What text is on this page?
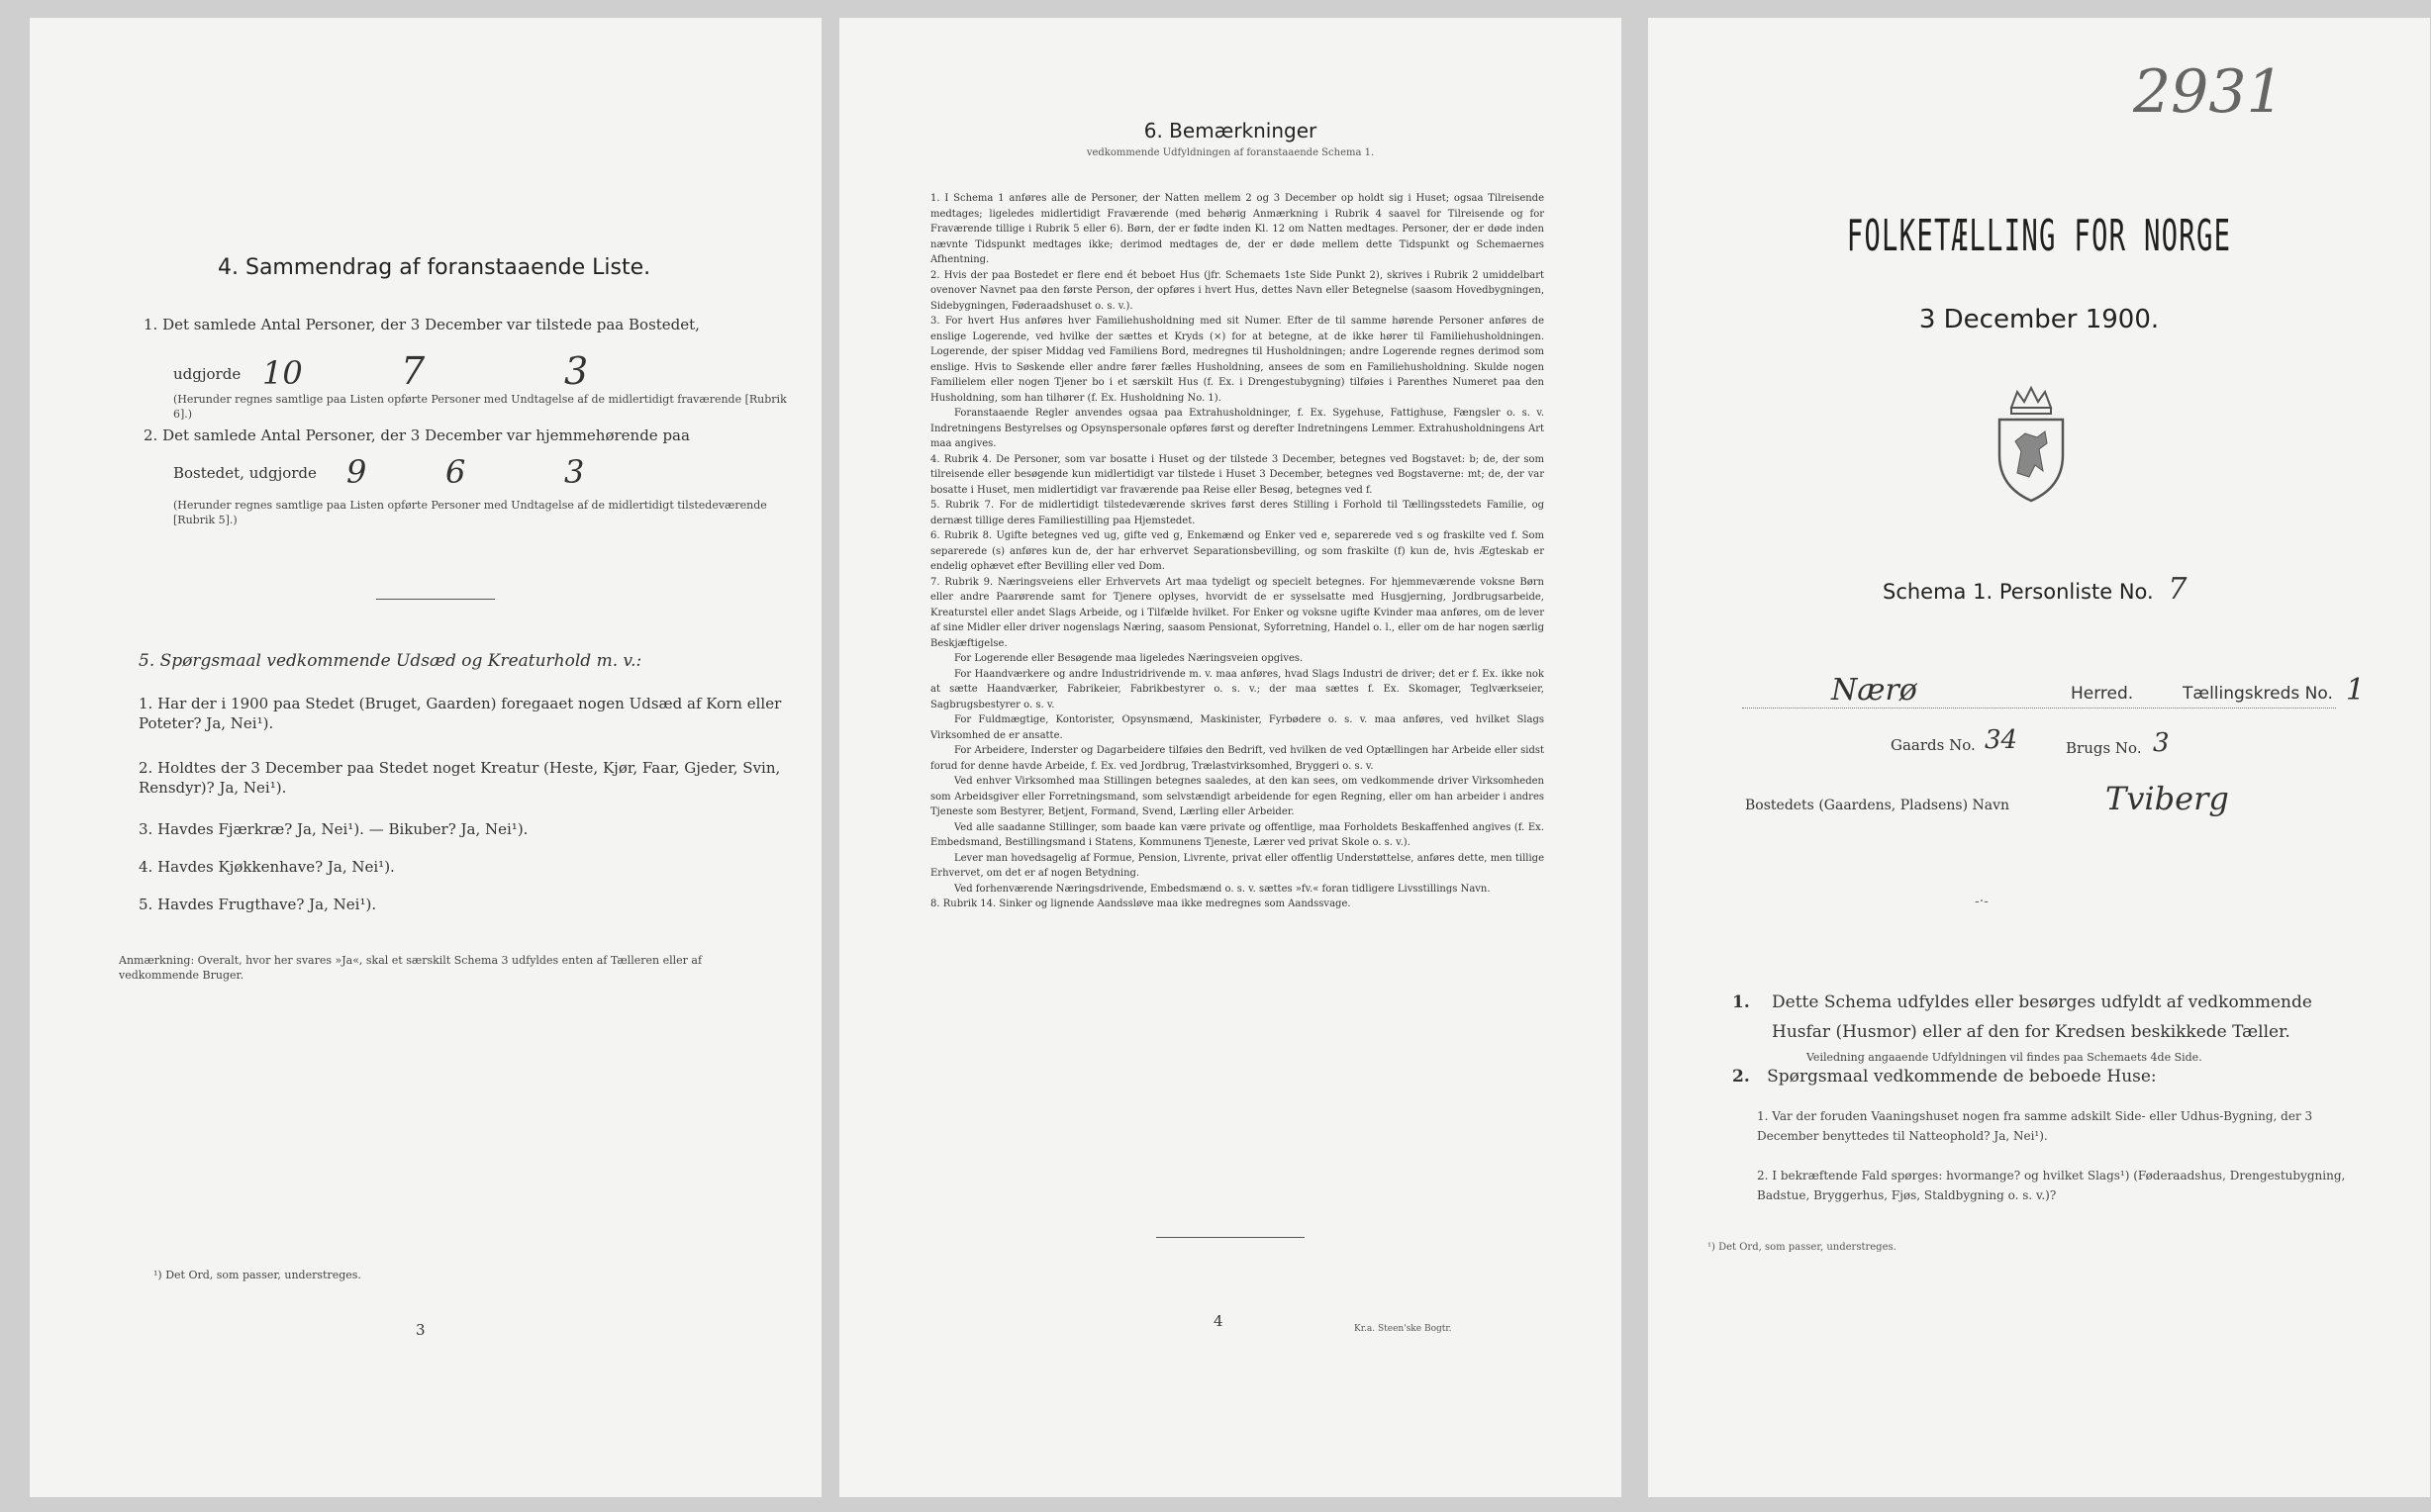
4. Sammendrag af foranstaaende Liste.
1. Det samlede Antal Personer, der 3 December var tilstede paa Bostedet,
udgjorde 10	7	3
(Herunder regnes samtlige paa Listen opførte Personer med Undtagelse af de midlertidigt fraværende [Rubrik 6].)
2. Det samlede Antal Personer, der 3 December var hjemmehørende paa
Bostedet, udgjorde 9 6	3
(Herunder regnes samtlige paa Listen opførte Personer med Undtagelse af de midlertidigt tilstedeværende [Rubrik 5].)
5. Spørgsmaal vedkommende Udsæd og Kreaturhold m. v.:
1. Har der i 1900 paa Stedet (Bruget, Gaarden) foregaaet nogen Udsæd af Korn eller Poteter? Ja, Nei¹).
2. Holdtes der 3 December paa Stedet noget Kreatur (Heste, Kjør, Faar, Gjeder, Svin, Rensdyr)? Ja, Nei¹).
3. Havdes Fjærkræ? Ja, Nei¹). — Bikuber? Ja, Nei¹).
4. Havdes Kjøkkenhave? Ja, Nei¹).
5. Havdes Frugthave? Ja, Nei¹).
Anmærkning: Overalt, hvor her svares »Ja«, skal et særskilt Schema 3 udfyldes enten af Tælleren eller af vedkommende Bruger.
¹) Det Ord, som passer, understreges.
3
6. Bemærkninger
vedkommende Udfyldningen af foranstaaende Schema 1.
1. I Schema 1 anføres alle de Personer, der Natten mellem 2 og 3 December op holdt sig i Huset; ogsaa Tilreisende medtages; ligeledes midlertidigt Fraværende (med behørig Anmærkning i Rubrik 4 saavel for Tilreisende og for Fraværende tillige i Rubrik 5 eller 6). Børn, der er fødte inden Kl. 12 om Natten medtages. Personer, der er døde inden nævnte Tidspunkt medtages ikke; derimod medtages de, der er døde mellem dette Tidspunkt og Schemaernes Afhentning.
2. Hvis der paa Bostedet er flere end ét beboet Hus (jfr. Schemaets 1ste Side Punkt 2), skrives i Rubrik 2 umiddelbart ovenover Navnet paa den første Person, der opføres i hvert Hus, dettes Navn eller Betegnelse (saasom Hovedbygningen, Sidebygningen, Føderaadshuset o. s. v.).
3. For hvert Hus anføres hver Familiehusholdning med sit Numer. Efter de til samme hørende Personer anføres de enslige Logerende, ved hvilke der sættes et Kryds (×) for at betegne, at de ikke hører til Familiehusholdningen. Logerende, der spiser Middag ved Familiens Bord, medregnes til Husholdningen; andre Logerende regnes derimod som enslige. Hvis to Søskende eller andre fører fælles Husholdning, ansees de som en Familiehusholdning. Skulde nogen Familielem eller nogen Tjener bo i et særskilt Hus (f. Ex. i Drengestubygning) tilføies i Parenthes Numeret paa den Husholdning, som han tilhører (f. Ex. Husholdning No. 1).
Foranstaaende Regler anvendes ogsaa paa Extrahusholdninger, f. Ex. Sygehuse, Fattighuse, Fængsler o. s. v. Indretningens Bestyrelses og Opsynspersonale opføres først og derefter Indretningens Lemmer. Extrahusholdningens Art maa angives.
4. Rubrik 4. De Personer, som var bosatte i Huset og der tilstede 3 December, betegnes ved Bogstavet: b; de, der som tilreisende eller besøgende kun midlertidigt var tilstede i Huset 3 December, betegnes ved Bogstaverne: mt; de, der var bosatte i Huset, men midlertidigt var fraværende paa Reise eller Besøg, betegnes ved f.
5. Rubrik 7. For de midlertidigt tilstedeværende skrives først deres Stilling i Forhold til Tællingsstedets Familie, og dernæst tillige deres Familiestilling paa Hjemstedet.
6. Rubrik 8. Ugifte betegnes ved ug, gifte ved g, Enkemænd og Enker ved e, separerede ved s og fraskilte ved f. Som separerede (s) anføres kun de, der har erhvervet Separationsbevilling, og som fraskilte (f) kun de, hvis Ægteskab er endelig ophævet efter Bevilling eller ved Dom.
7. Rubrik 9. Næringsveiens eller Erhvervets Art maa tydeligt og specielt betegnes. For hjemmeværende voksne Børn eller andre Paarørende samt for Tjenere oplyses, hvorvidt de er sysselsatte med Husgjerning, Jordbrugsarbeide, Kreaturstel eller andet Slags Arbeide, og i Tilfælde hvilket. For Enker og voksne ugifte Kvinder maa anføres, om de lever af sine Midler eller driver nogenslags Næring, saasom Pensionat, Syforretning, Handel o. l., eller om de har nogen særlig Beskjæftigelse.
For Logerende eller Besøgende maa ligeledes Næringsveien opgives.
For Haandværkere og andre Industridrivende m. v. maa anføres, hvad Slags Industri de driver; det er f. Ex. ikke nok at sætte Haandværker, Fabrikeier, Fabrikbestyrer o. s. v.; der maa sættes f. Ex. Skomager, Teglværkseier, Sagbrugsbestyrer o. s. v.
For Fuldmægtige, Kontorister, Opsynsmænd, Maskinister, Fyrbødere o. s. v. maa anføres, ved hvilket Slags Virksomhed de er ansatte.
For Arbeidere, Inderster og Dagarbeidere tilføies den Bedrift, ved hvilken de ved Optællingen har Arbeide eller sidst forud for denne havde Arbeide, f. Ex. ved Jordbrug, Trælastvirksomhed, Bryggeri o. s. v.
Ved enhver Virksomhed maa Stillingen betegnes saaledes, at den kan sees, om vedkommende driver Virksomheden som Arbeidsgiver eller Forretningsmand, som selvstændigt arbeidende for egen Regning, eller om han arbeider i andres Tjeneste som Bestyrer, Betjent, Formand, Svend, Lærling eller Arbeider.
Ved alle saadanne Stillinger, som baade kan være private og offentlige, maa Forholdets Beskaffenhed angives (f. Ex. Embedsmand, Bestillingsmand i Statens, Kommunens Tjeneste, Lærer ved privat Skole o. s. v.).
Lever man hovedsagelig af Formue, Pension, Livrente, privat eller offentlig Understøttelse, anføres dette, men tillige Erhvervet, om det er af nogen Betydning.
Ved forhenværende Næringsdrivende, Embedsmænd o. s. v. sættes »fv.« foran tidligere Livsstillings Navn.
8. Rubrik 14. Sinker og lignende Aandssløve maa ikke medregnes som Aandssvage.
4	Kr.a. Steen'ske Bogtr.
2931
FOLKETÆLLING FOR NORGE
3 December 1900.
Schema 1. Personliste No. 7
Nærø	Herred.	Tællingskreds No. 1
Gaards No. 34	Brugs No. 3
Bostedets (Gaardens, Pladsens) Navn	Tviberg
-·-
1. Dette Schema udfyldes eller besørges udfyldt af vedkommende Husfar (Husmor) eller af den for Kredsen beskikkede Tæller.
Veiledning angaaende Udfyldningen vil findes paa Schemaets 4de Side.
2. Spørgsmaal vedkommende de beboede Huse:
1. Var der foruden Vaaningshuset nogen fra samme adskilt Side- eller Udhus-Bygning, der 3 December benyttedes til Natteophold? Ja, Nei¹).
2. I bekræftende Fald spørges: hvormange? og hvilket Slags¹) (Føderaadshus, Drengestubygning, Badstue, Bryggerhus, Fjøs, Staldbygning o. s. v.)?
¹) Det Ord, som passer, understreges.
